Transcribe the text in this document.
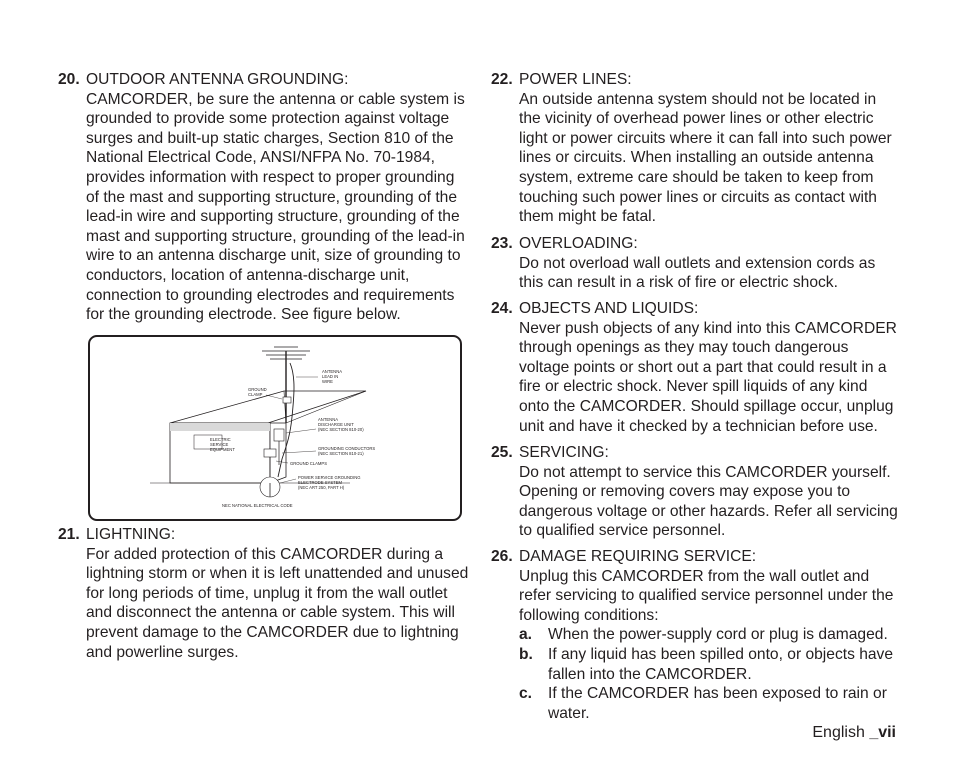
20. OUTDOOR ANTENNA GROUNDING:
CAMCORDER, be sure the antenna or cable system is grounded to provide some protection against voltage surges and built-up static charges, Section 810 of the National Electrical Code, ANSI/NFPA No. 70-1984, provides information with respect to proper grounding of the mast and supporting structure, grounding of the lead-in wire and supporting structure, grounding of the mast and supporting structure, grounding of the lead-in wire to an antenna discharge unit, size of grounding to conductors, location of antenna-discharge unit, connection to grounding electrodes and requirements for the grounding electrode. See figure below.
ANTENNA
LEAD IN
WIRE
GROUND
CLAMP
ANTENNA
DISCHARGE UNIT
(NEC SECTION 810-20)
ELECTRIC
SERVICE
EQUIPMENT	GROUNDING CONDUCTORS
(NEC SECTION 810-21)
GROUND CLAMPS
POWER SERVICE GROUNDING
ELECTRODE SYSTEM
(NEC ART 250, PART H)
NEC NATIONAL ELECTRICAL CODE
21. LIGHTNING:
For added protection of this CAMCORDER during a lightning storm or when it is left unattended and unused for long periods of time, unplug it from the wall outlet and disconnect the antenna or cable system. This will prevent damage to the CAMCORDER due to lightning and powerline surges.
22. POWER LINES:
An outside antenna system should not be located in the vicinity of overhead power lines or other electric light or power circuits where it can fall into such power lines or circuits. When installing an outside antenna system, extreme care should be taken to keep from touching such power lines or circuits as contact with them might be fatal.
23. OVERLOADING:
Do not overload wall outlets and extension cords as this can result in a risk of fire or electric shock.
24. OBJECTS AND LIQUIDS:
Never push objects of any kind into this CAMCORDER through openings as they may touch dangerous voltage points or short out a part that could result in a fire or electric shock. Never spill liquids of any kind onto the CAMCORDER. Should spillage occur, unplug unit and have it checked by a technician before use.
25. SERVICING:
Do not attempt to service this CAMCORDER yourself. Opening or removing covers may expose you to dangerous voltage or other hazards. Refer all servicing to qualified service personnel.
26. DAMAGE REQUIRING SERVICE:
Unplug this CAMCORDER from the wall outlet and refer servicing to qualified service personnel under the following conditions:
a. When the power-supply cord or plug is damaged.
b. If any liquid has been spilled onto, or objects have fallen into the CAMCORDER.
c. If the CAMCORDER has been exposed to rain or water.
English _vii
